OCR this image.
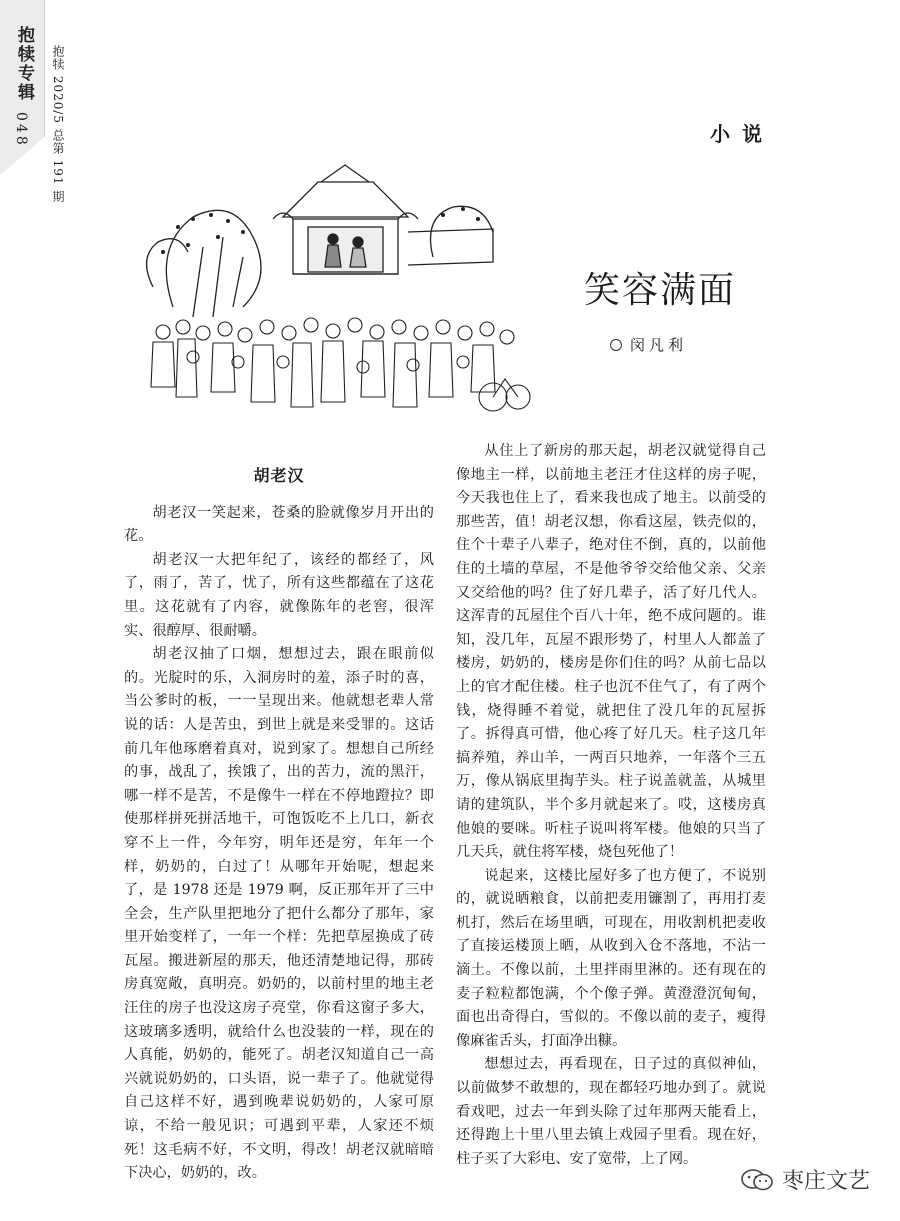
抱犊专辑
048 抱犊 2020/5 总第 191 期	小说
笑容满面
闵凡利

胡老汉

胡老汉一笑起来，苍桑的脸就像岁月开出的花。

胡老汉一大把年纪了，该经的都经了，风了，雨了，苦了，忧了，所有这些都蕴在了这花里。这花就有了内容，就像陈年的老窖，很浑实、很醇厚、很耐嚼。

胡老汉抽了口烟，想想过去，跟在眼前似的。光腚时的乐，入洞房时的羞，添子时的喜，当公爹时的板，一一呈现出来。他就想老辈人常说的话：人是苦虫，到世上就是来受罪的。这话前几年他琢磨着真对，说到家了。想想自己所经的事，战乱了，挨饿了，出的苦力，流的黑汗，哪一样不是苦，不是像牛一样在不停地蹬拉？即使那样拼死拼活地干，可饱饭吃不上几口，新衣穿不上一件，今年穷，明年还是穷，年年一个样，奶奶的，白过了！从哪年开始呢，想起来了，是 1978 还是 1979 啊，反正那年开了三中全会，生产队里把地分了把什么都分了那年，家里开始变样了，一年一个样：先把草屋换成了砖瓦屋。搬进新屋的那天，他还清楚地记得，那砖房真宽敞，真明亮。奶奶的，以前村里的地主老汪住的房子也没这房子亮堂，你看这窗子多大，这玻璃多透明，就给什么也没装的一样，现在的人真能，奶奶的，能死了。胡老汉知道自己一高兴就说奶奶的，口头语，说一辈子了。他就觉得自己这样不好，遇到晚辈说奶奶的，人家可原谅，不给一般见识；可遇到平辈，人家还不烦死！这毛病不好，不文明，得改！胡老汉就暗暗下决心，奶奶的，改。

从住上了新房的那天起，胡老汉就觉得自己像地主一样，以前地主老汪才住这样的房子呢，今天我也住上了，看来我也成了地主。以前受的那些苦，值！胡老汉想，你看这屋，铁壳似的，住个十辈子八辈子，绝对住不倒，真的，以前他住的土墙的草屋，不是他爷爷交给他父亲、父亲又交给他的吗？住了好几辈子，活了好几代人。这浑青的瓦屋住个百八十年，绝不成问题的。谁知，没几年，瓦屋不跟形势了，村里人人都盖了楼房，奶奶的，楼房是你们住的吗？从前七品以上的官才配住楼。柱子也沉不住气了，有了两个钱，烧得睡不着觉，就把住了没几年的瓦屋拆了。拆得真可惜，他心疼了好几天。柱子这几年搞养殖，养山羊，一两百只地养，一年落个三五万，像从锅底里掏芋头。柱子说盖就盖，从城里请的建筑队，半个多月就起来了。哎，这楼房真他娘的要咪。听柱子说叫将军楼。他娘的只当了几天兵，就住将军楼，烧包死他了！

说起来，这楼比屋好多了也方便了，不说别的，就说晒粮食，以前把麦用镰割了，再用打麦机打，然后在场里晒，可现在，用收割机把麦收了直接运楼顶上晒，从收到入仓不落地，不沾一滴土。不像以前，土里拌雨里淋的。还有现在的麦子粒粒都饱满，个个像子弹。黄澄澄沉甸甸，面也出奇得白，雪似的。不像以前的麦子，瘦得像麻雀舌头，打面净出糠。

想想过去，再看现在，日子过的真似神仙，以前做梦不敢想的，现在都轻巧地办到了。就说看戏吧，过去一年到头除了过年那两天能看上，还得跑上十里八里去镇上戏园子里看。现在好，柱子买了大彩电、安了宽带，上了网。

枣庄文艺
